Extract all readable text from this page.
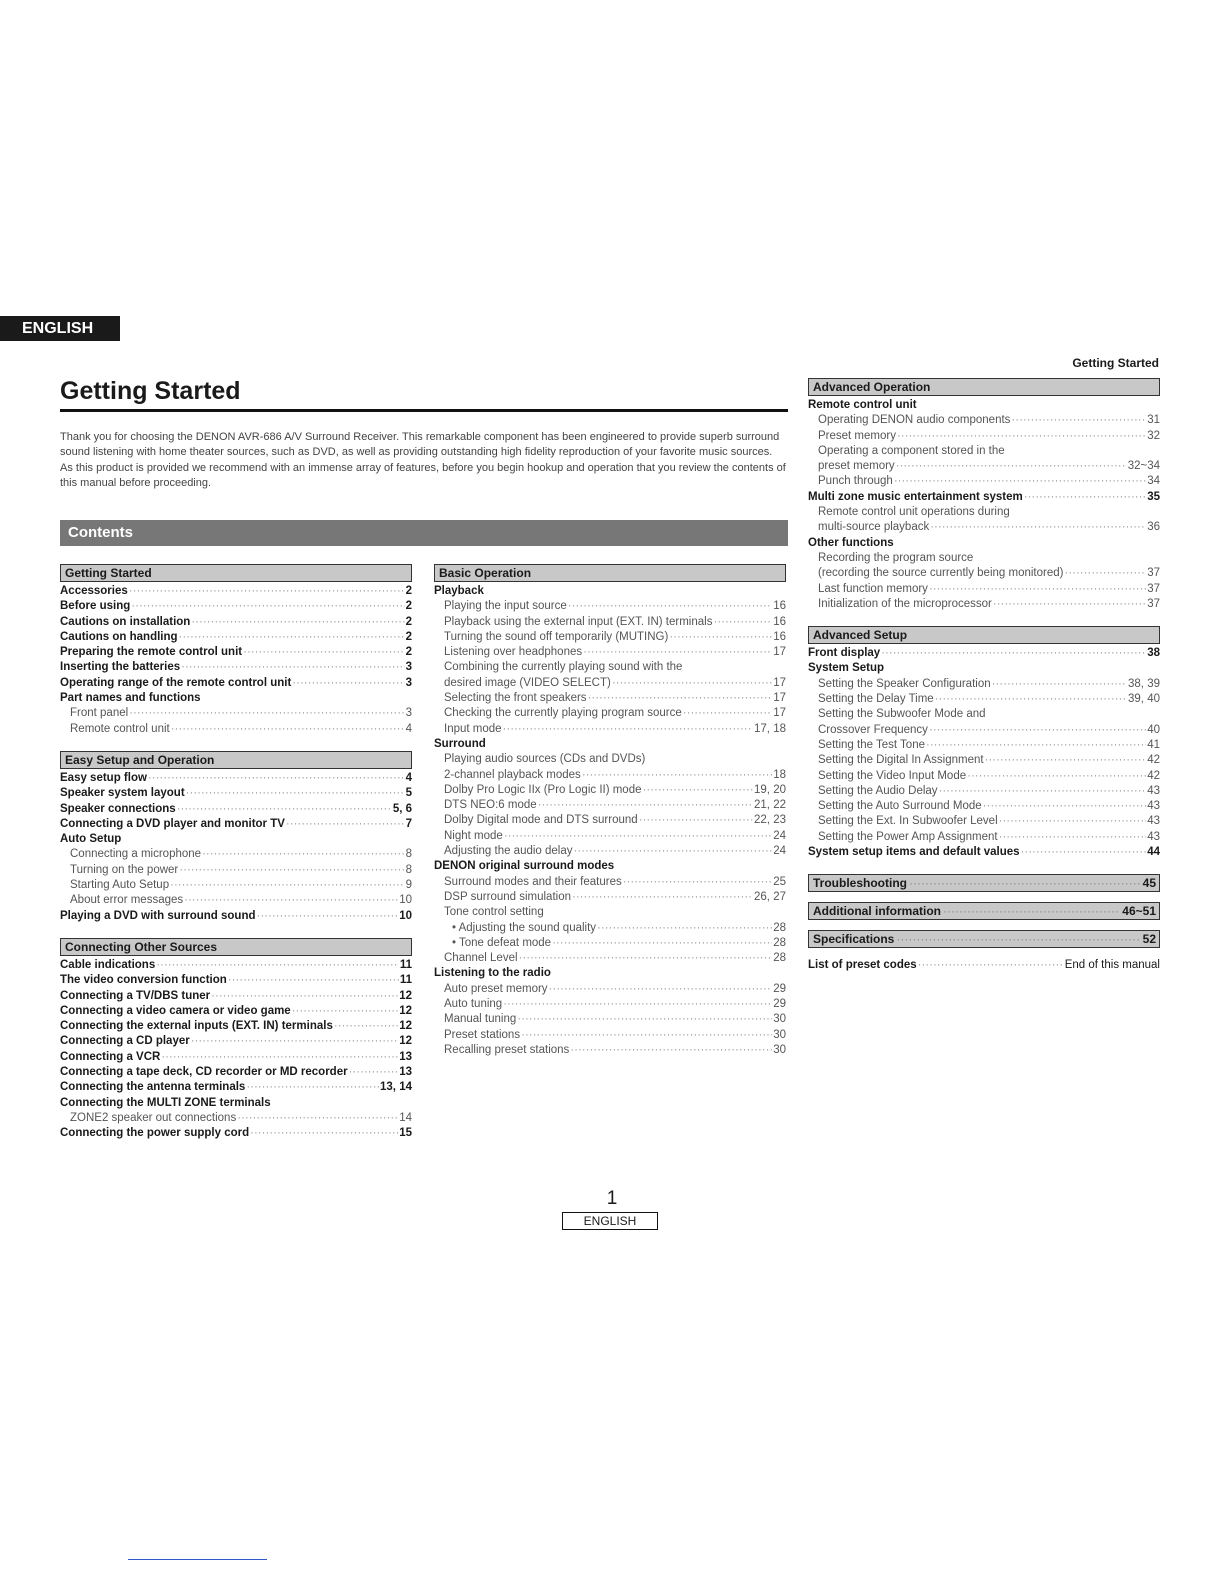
ENGLISH
Getting Started
Getting Started

Thank you for choosing the DENON AVR-686 A/V Surround Receiver. This remarkable component has been engineered to provide superb surround sound listening with home theater sources, such as DVD, as well as providing outstanding high fidelity reproduction of your favorite music sources.

As this product is provided we recommend with an immense array of features, before you begin hookup and operation that you review the contents of this manual before proceeding.

Contents
Getting Started
Accessories ·····	2
Before using ·····	2
Cautions on installation ·····	2
Cautions on handling ·····	2
Preparing the remote control unit ·····	2
Inserting the batteries ·····	3
Operating range of the remote control unit ·····	3
Part names and functions
Front panel ·····	3
Remote control unit ·····	4
Easy Setup and Operation
Easy setup flow ·····	4
Speaker system layout ·····	5
Speaker connections ·····	5, 6
Connecting a DVD player and monitor TV ·····	7
Auto Setup
Connecting a microphone ·····	8
Turning on the power ·····	8
Starting Auto Setup ·····	9
About error messages ·····	10
Playing a DVD with surround sound ·····	10
Connecting Other Sources
Cable indications ·····	11
The video conversion function ·····	11
Connecting a TV/DBS tuner ·····	12
Connecting a video camera or video game ·····	12
Connecting the external inputs (EXT. IN) terminals ·····	12
Connecting a CD player ·····	12
Connecting a VCR ·····	13
Connecting a tape deck, CD recorder or MD recorder ·····	13
Connecting the antenna terminals ·····	13, 14
Connecting the MULTI ZONE terminals
ZONE2 speaker out connections ·····	14
Connecting the power supply cord ·····	15
Basic Operation
Playback
Playing the input source ·····	16
Playback using the external input (EXT. IN) terminals ·····	16
Turning the sound off temporarily (MUTING) ·····	16
Listening over headphones ·····	17
Combining the currently playing sound with the
desired image (VIDEO SELECT) ·····	17
Selecting the front speakers ·····	17
Checking the currently playing program source ·····	17
Input mode ·····	17, 18
Surround
Playing audio sources (CDs and DVDs)
2-channel playback modes ·····	18
Dolby Pro Logic IIx (Pro Logic II) mode ·····	19, 20
DTS NEO:6 mode ·····	21, 22
Dolby Digital mode and DTS surround ·····	22, 23
Night mode ·····	24
Adjusting the audio delay ·····	24
DENON original surround modes
Surround modes and their features ·····	25
DSP surround simulation ·····	26, 27
Tone control setting
• Adjusting the sound quality ·····	28
• Tone defeat mode ·····	28
Channel Level ·····	28
Listening to the radio
Auto preset memory ·····	29
Auto tuning ·····	29
Manual tuning ·····	30
Preset stations ·····	30
Recalling preset stations ·····	30
Advanced Operation
Remote control unit
Operating DENON audio components ·····	31
Preset memory ·····	32
Operating a component stored in the
preset memory ·····	32~34
Punch through ·····	34
Multi zone music entertainment system ·····	35
Remote control unit operations during
multi-source playback ·····	36
Other functions
Recording the program source
(recording the source currently being monitored) ·····	37
Last function memory ·····	37
Initialization of the microprocessor ·····	37
Advanced Setup
Front display ·····	38
System Setup
Setting the Speaker Configuration ·····	38, 39
Setting the Delay Time ·····	39, 40
Setting the Subwoofer Mode and
Crossover Frequency ·····	40
Setting the Test Tone ·····	41
Setting the Digital In Assignment ·····	42
Setting the Video Input Mode ·····	42
Setting the Audio Delay ·····	43
Setting the Auto Surround Mode ·····	43
Setting the Ext. In Subwoofer Level ·····	43
Setting the Power Amp Assignment ·····	43
System setup items and default values ·····	44
Troubleshooting ·····	45
Additional information ·····	46~51
Specifications ·····	52
List of preset codes ·····	End of this manual
1
ENGLISH
